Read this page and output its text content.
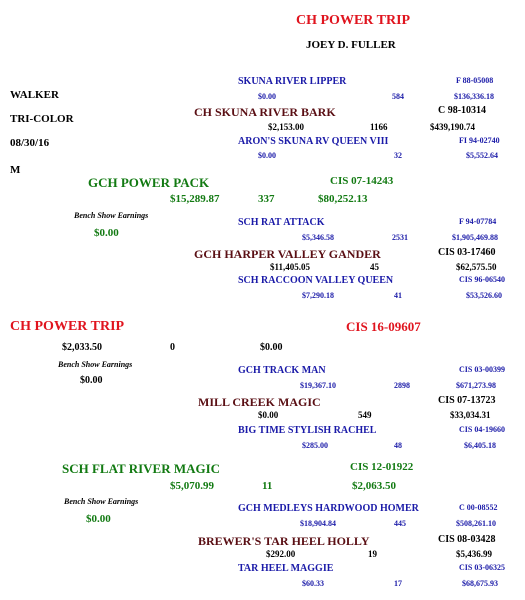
CH POWER TRIP
JOEY D. FULLER
WALKER
TRI-COLOR
08/30/16
M
SKUNA RIVER LIPPER	F 88-05008
$0.00	584	$136,336.18
CH SKUNA RIVER BARK	C 98-10314
$2,153.00	1166	$439,190.74
ARON'S SKUNA RV QUEEN VIII	FI 94-02740
$0.00	32	$5,552.64
GCH POWER PACK	CIS 07-14243
$15,289.87	337	$80,252.13
Bench Show Earnings
$0.00
SCH RAT ATTACK	F 94-07784
$5,346.58	2531	$1,905,469.88
GCH HARPER VALLEY GANDER	CIS 03-17460
$11,405.05	45	$62,575.50
SCH RACCOON VALLEY QUEEN	CIS 96-06540
$7,290.18	41	$53,526.60
CH POWER TRIP	CIS 16-09607
$2,033.50	0	$0.00
Bench Show Earnings
$0.00
GCH TRACK MAN	CIS 03-00399
$19,367.10	2898	$671,273.98
MILL CREEK MAGIC	CIS 07-13723
$0.00	549	$33,034.31
BIG TIME STYLISH RACHEL	CIS 04-19660
$285.00	48	$6,405.18
SCH FLAT RIVER MAGIC	CIS 12-01922
$5,070.99	11	$2,063.50
Bench Show Earnings
$0.00
GCH MEDLEYS HARDWOOD HOMER	C 00-08552
$18,904.84	445	$508,261.10
BREWER'S TAR HEEL HOLLY	CIS 08-03428
$292.00	19	$5,436.99
TAR HEEL MAGGIE	CIS 03-06325
$60.33	17	$68,675.93
